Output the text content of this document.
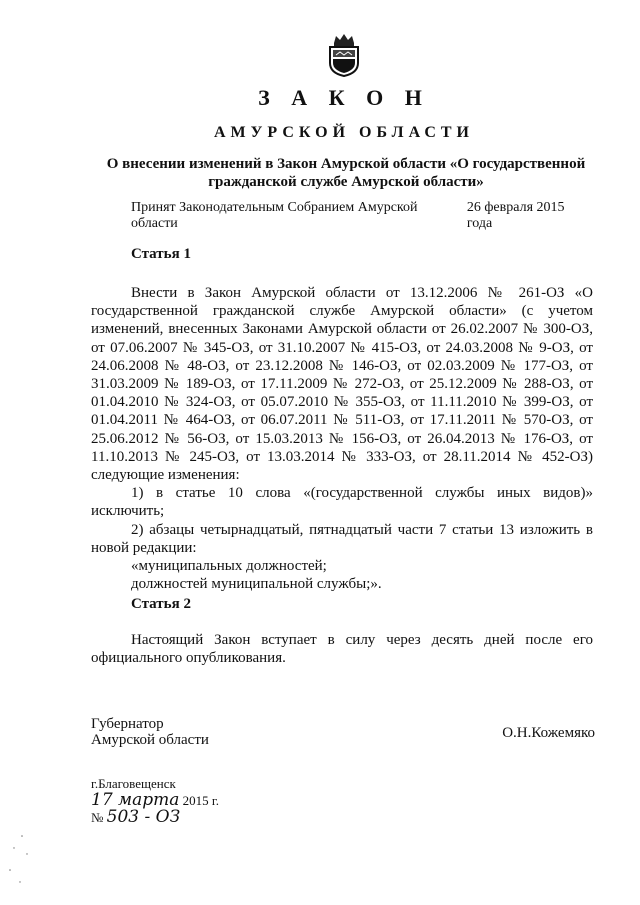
З А К О Н
АМУРСКОЙ ОБЛАСТИ
О внесении изменений в Закон Амурской области «О государственной
гражданской службе Амурской области»
Принят Законодательным Собранием Амурской области
26 февраля 2015 года
Статья 1

Внести в Закон Амурской области от 13.12.2006 № 261-ОЗ «О государственной гражданской службе Амурской области» (с учетом изменений, внесенных Законами Амурской области от 26.02.2007 № 300-ОЗ, от 07.06.2007 № 345-ОЗ, от 31.10.2007 № 415-ОЗ, от 24.03.2008 № 9-ОЗ, от 24.06.2008 № 48-ОЗ, от 23.12.2008 № 146-ОЗ, от 02.03.2009 № 177-ОЗ, от 31.03.2009 № 189-ОЗ, от 17.11.2009 № 272-ОЗ, от 25.12.2009 № 288-ОЗ, от 01.04.2010 № 324-ОЗ, от 05.07.2010 № 355-ОЗ, от 11.11.2010 № 399-ОЗ, от 01.04.2011 № 464-ОЗ, от 06.07.2011 № 511-ОЗ, от 17.11.2011 № 570-ОЗ, от 25.06.2012 № 56-ОЗ, от 15.03.2013 № 156-ОЗ, от 26.04.2013 № 176-ОЗ, от 11.10.2013 № 245-ОЗ, от 13.03.2014 № 333-ОЗ, от 28.11.2014 № 452-ОЗ) следующие изменения:

1) в статье 10 слова «(государственной службы иных видов)» исключить;

2) абзацы четырнадцатый, пятнадцатый части 7 статьи 13 изложить в новой редакции:

«муниципальных должностей;

должностей муниципальной службы;».

Статья 2

Настоящий Закон вступает в силу через десять дней после его официального опубликования.

Губернатор
Амурской области	О.Н.Кожемяко
г.Благовещенск
17 марта 2015 г.
№ 503 - ОЗ
